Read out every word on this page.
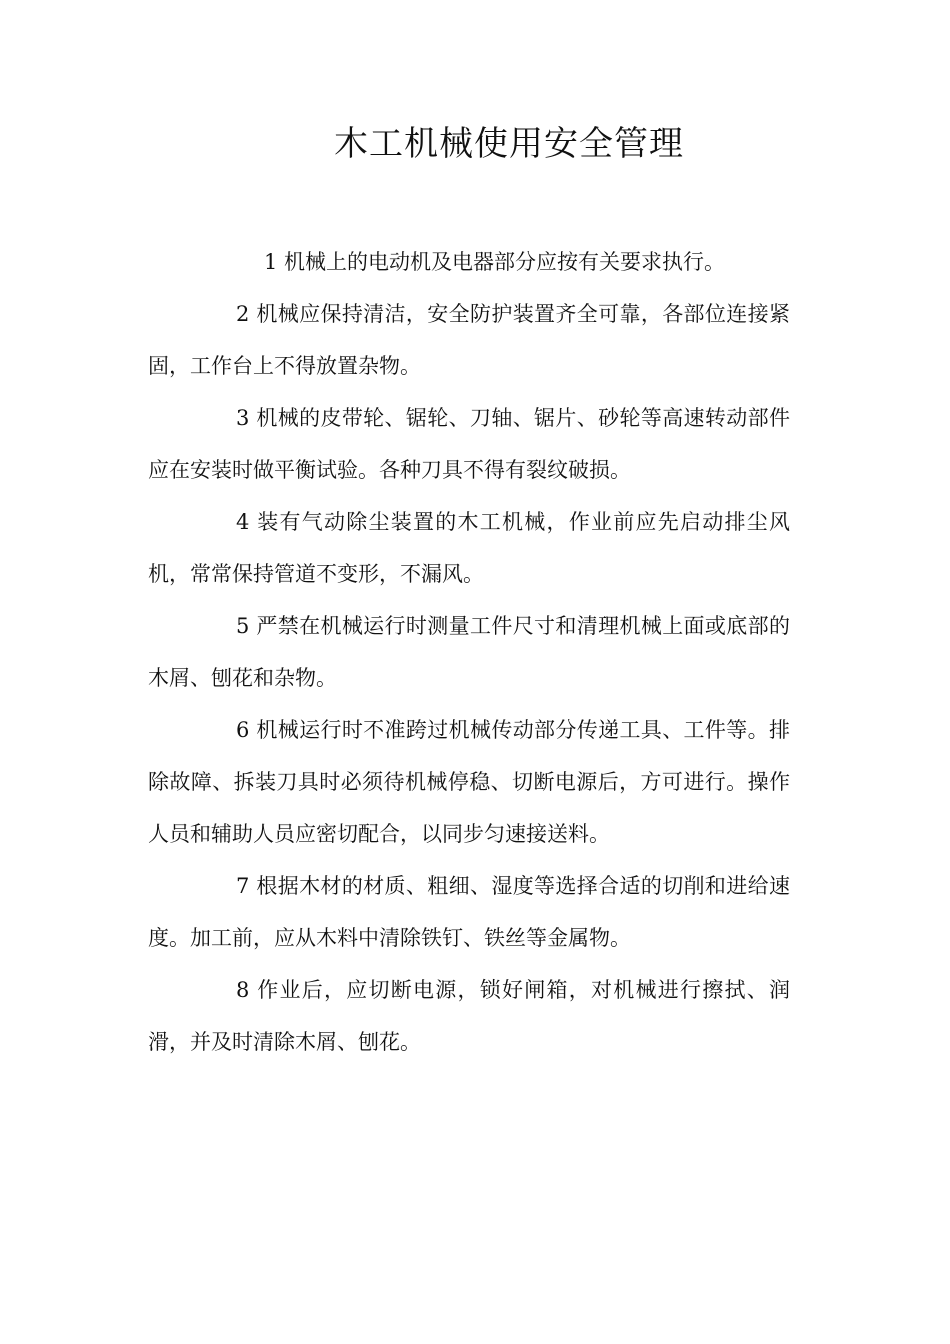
木工机械使用安全管理

1 机械上的电动机及电器部分应按有关要求执行。

2 机械应保持清洁，安全防护装置齐全可靠，各部位连接紧固，工作台上不得放置杂物。

3 机械的皮带轮、锯轮、刀轴、锯片、砂轮等高速转动部件应在安装时做平衡试验。各种刀具不得有裂纹破损。

4 装有气动除尘装置的木工机械，作业前应先启动排尘风机，常常保持管道不变形，不漏风。

5 严禁在机械运行时测量工件尺寸和清理机械上面或底部的木屑、刨花和杂物。

6 机械运行时不准跨过机械传动部分传递工具、工件等。排除故障、拆装刀具时必须待机械停稳、切断电源后，方可进行。操作人员和辅助人员应密切配合，以同步匀速接送料。

7 根据木材的材质、粗细、湿度等选择合适的切削和进给速度。加工前，应从木料中清除铁钉、铁丝等金属物。

8 作业后，应切断电源，锁好闸箱，对机械进行擦拭、润滑，并及时清除木屑、刨花。
